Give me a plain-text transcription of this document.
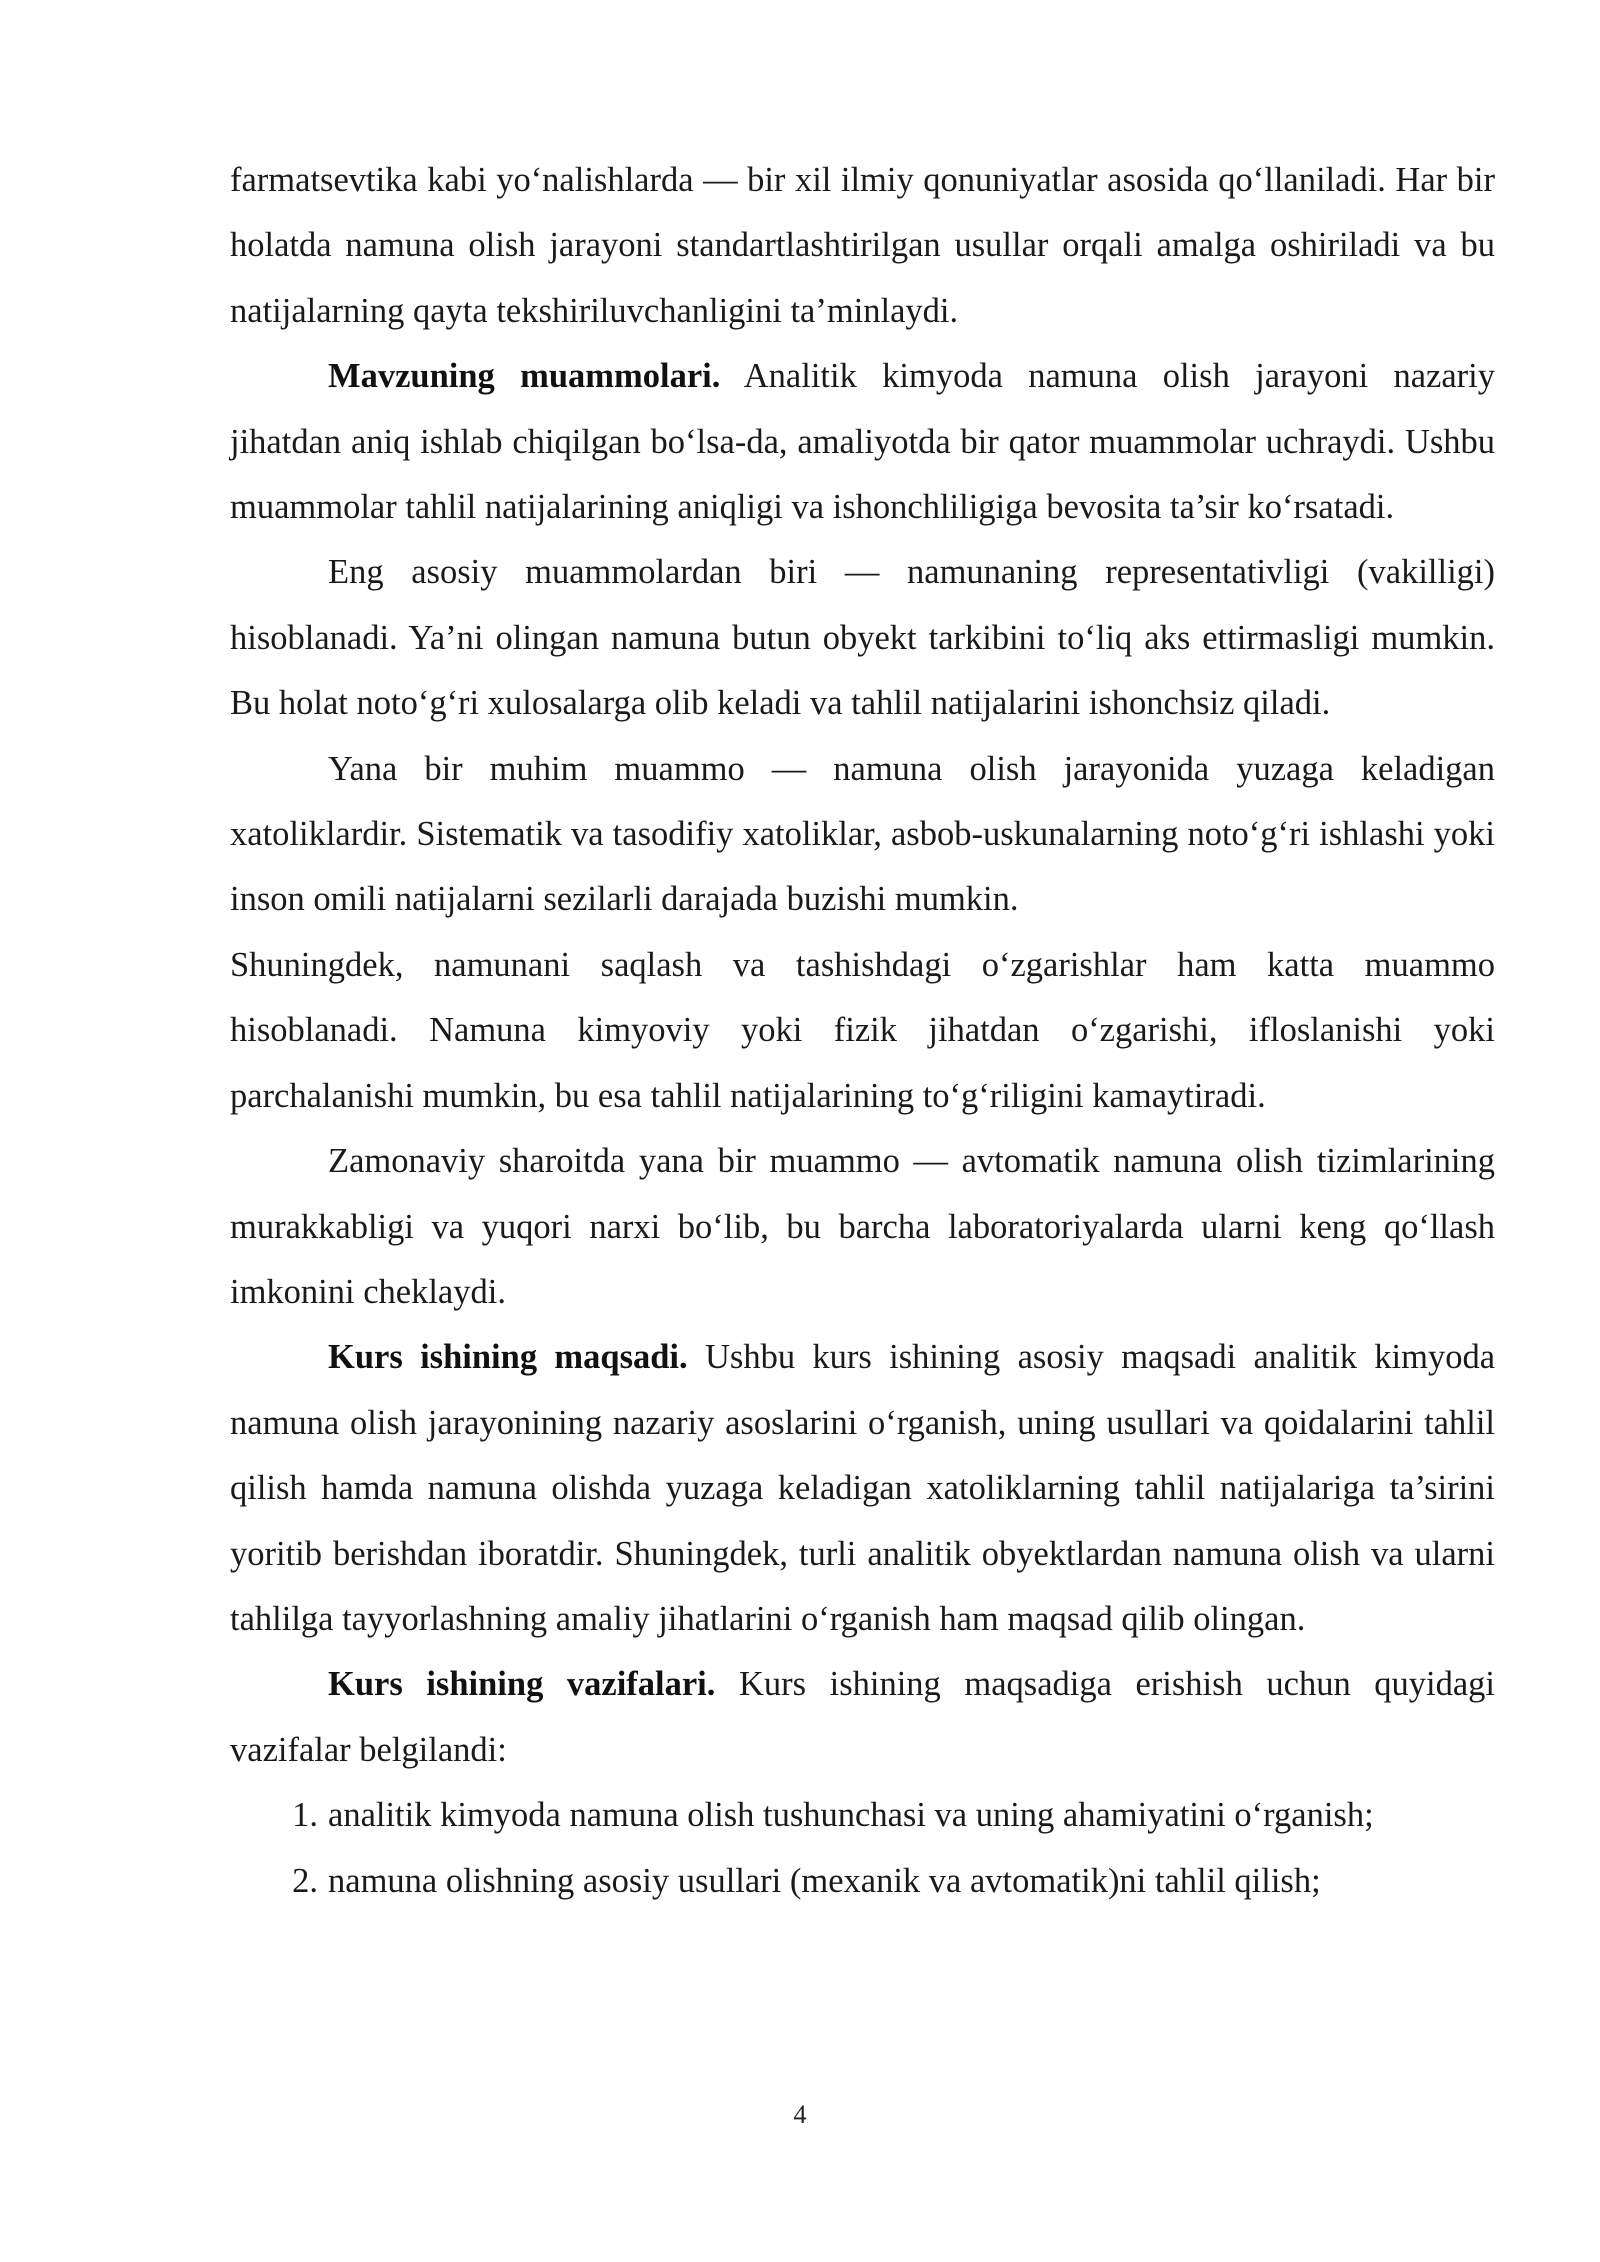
farmatsevtika kabi yo‘nalishlarda — bir xil ilmiy qonuniyatlar asosida qo‘llaniladi. Har bir holatda namuna olish jarayoni standartlashtirilgan usullar orqali amalga oshiriladi va bu natijalarning qayta tekshiriluvchanligini ta’minlaydi.

Mavzuning muammolari. Analitik kimyoda namuna olish jarayoni nazariy jihatdan aniq ishlab chiqilgan bo‘lsa-da, amaliyotda bir qator muammolar uchraydi. Ushbu muammolar tahlil natijalarining aniqligi va ishonchliligiga bevosita ta’sir ko‘rsatadi.

Eng asosiy muammolardan biri — namunaning representativligi (vakilligi) hisoblanadi. Ya’ni olingan namuna butun obyekt tarkibini to‘liq aks ettirmasligi mumkin. Bu holat noto‘g‘ri xulosalarga olib keladi va tahlil natijalarini ishonchsiz qiladi.

Yana bir muhim muammo — namuna olish jarayonida yuzaga keladigan xatoliklardir. Sistematik va tasodifiy xatoliklar, asbob-uskunalarning noto‘g‘ri ishlashi yoki inson omili natijalarni sezilarli darajada buzishi mumkin.

Shuningdek, namunani saqlash va tashishdagi o‘zgarishlar ham katta muammo hisoblanadi. Namuna kimyoviy yoki fizik jihatdan o‘zgarishi, ifloslanishi yoki parchalanishi mumkin, bu esa tahlil natijalarining to‘g‘riligini kamaytiradi.

Zamonaviy sharoitda yana bir muammo — avtomatik namuna olish tizimlarining murakkabligi va yuqori narxi bo‘lib, bu barcha laboratoriyalarda ularni keng qo‘llash imkonini cheklaydi.

Kurs ishining maqsadi. Ushbu kurs ishining asosiy maqsadi analitik kimyoda namuna olish jarayonining nazariy asoslarini o‘rganish, uning usullari va qoidalarini tahlil qilish hamda namuna olishda yuzaga keladigan xatoliklarning tahlil natijalariga ta’sirini yoritib berishdan iboratdir. Shuningdek, turli analitik obyektlardan namuna olish va ularni tahlilga tayyorlashning amaliy jihatlarini o‘rganish ham maqsad qilib olingan.

Kurs ishining vazifalari. Kurs ishining maqsadiga erishish uchun quyidagi vazifalar belgilandi:

1. analitik kimyoda namuna olish tushunchasi va uning ahamiyatini o‘rganish;
2. namuna olishning asosiy usullari (mexanik va avtomatik)ni tahlil qilish;
4
